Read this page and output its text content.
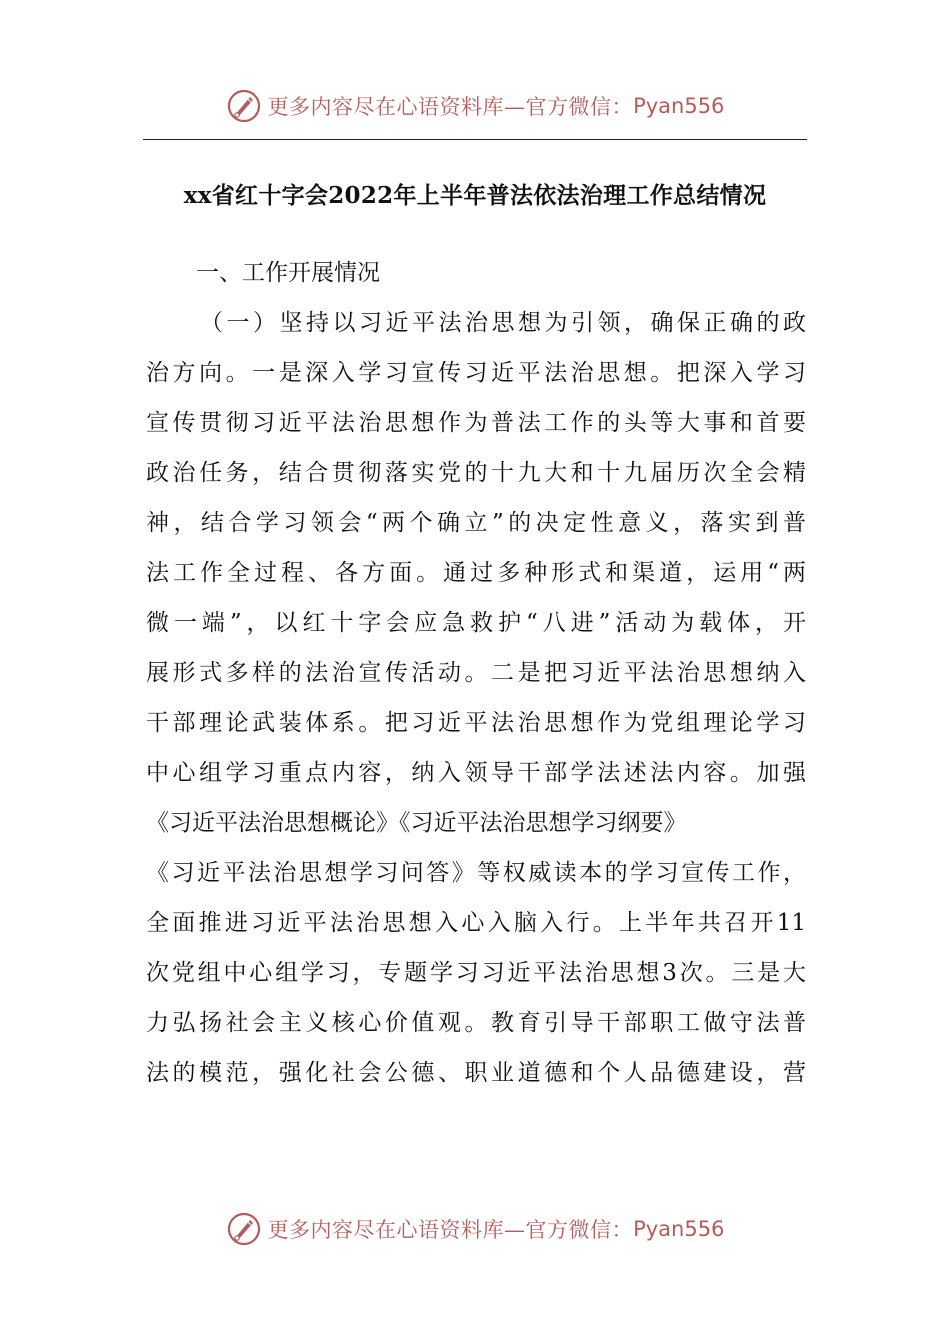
更多内容尽在心语资料库—官方微信： Pyan556
xx省红十字会2022年上半年普法依法治理工作总结情况
一、工作开展情况
（一）坚持以习近平法治思想为引领，确保正确的政
治方向。一是深入学习宣传习近平法治思想。把深入学习
宣传贯彻习近平法治思想作为普法工作的头等大事和首要
政治任务，结合贯彻落实党的十九大和十九届历次全会精
神，结合学习领会“两个确立”的决定性意义，落实到普
法工作全过程、各方面。通过多种形式和渠道，运用“两
微一端”，以红十字会应急救护“八进”活动为载体，开
展形式多样的法治宣传活动。二是把习近平法治思想纳入
干部理论武装体系。把习近平法治思想作为党组理论学习
中心组学习重点内容，纳入领导干部学法述法内容。加强
《习近平法治思想概论》《习近平法治思想学习纲要》
《习近平法治思想学习问答》等权威读本的学习宣传工作，
全面推进习近平法治思想入心入脑入行。上半年共召开11
次党组中心组学习，专题学习习近平法治思想3次。三是大
力弘扬社会主义核心价值观。教育引导干部职工做守法普
法的模范，强化社会公德、职业道德和个人品德建设，营
更多内容尽在心语资料库—官方微信： Pyan556
